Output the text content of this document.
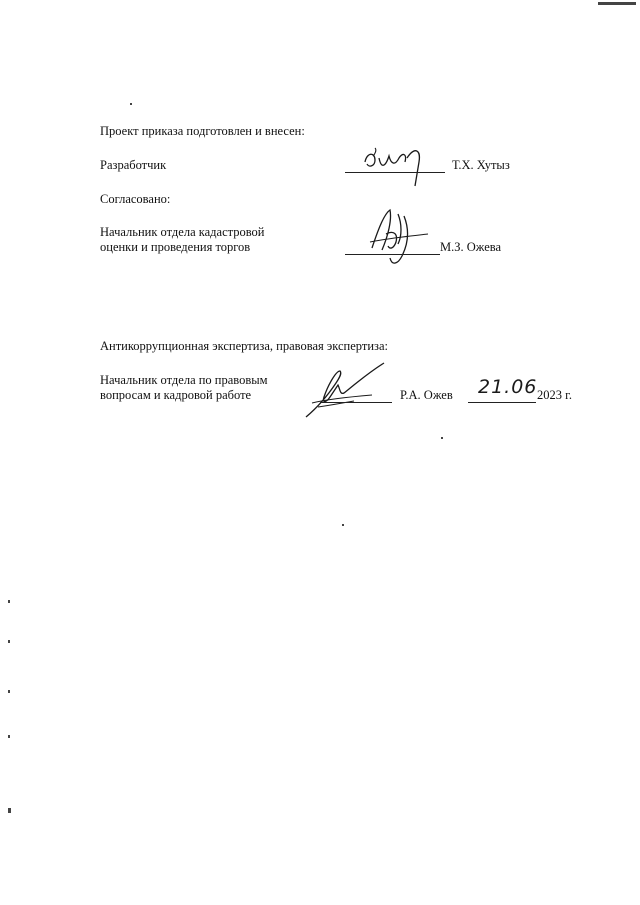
Проект приказа подготовлен и внесен:
Разработчик	Т.Х. Хутыз
Согласовано:
Начальник отдела кадастровой
оценки и проведения торгов	М.З. Ожева
Антикоррупционная экспертиза, правовая экспертиза:
Начальник отдела по правовым
вопросам и кадровой работе	Р.А. Ожев 21.06 2023 г.
